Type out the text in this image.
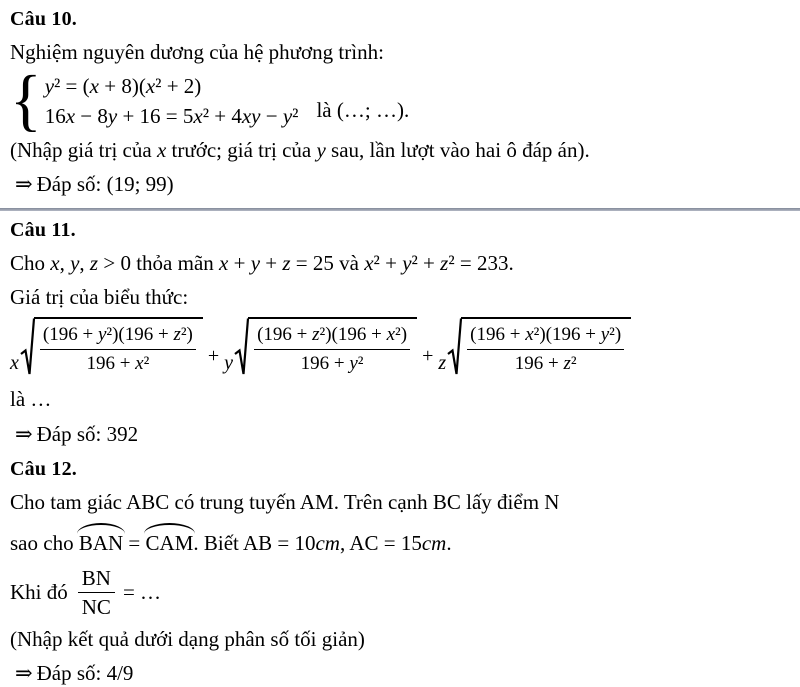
Câu 10.
Nghiệm nguyên dương của hệ phương trình:
{ y² = (x + 8)(x² + 2)
16x − 8y + 16 = 5x² + 4xy − y² là (…; …).
(Nhập giá trị của x trước; giá trị của y sau, lần lượt vào hai ô đáp án).
⇒ Đáp số: (19; 99)
Câu 11.
Cho x, y, z > 0 thỏa mãn x + y + z = 25 và x² + y² + z² = 233.
Giá trị của biểu thức:
x $\frac{\text{(196 + y²)(196 + z²)}}{\text{196 + x²}} + y \frac{\text{(196 + z²)(196 + x²)}}{\text{196 + y²}} + z \frac{\text{(196 + x²)(196 + y²)}}{\text{196 + z²}}$
là …
⇒ Đáp số: 392
Câu 12.
Cho tam giác ABC có trung tuyến AM. Trên cạnh BC lấy điểm N
sao cho BAN = CAM. Biết AB = 10cm, AC = 15cm.
Khi đó $\frac{BN}{NC}$ = …
(Nhập kết quả dưới dạng phân số tối giản)
⇒ Đáp số: 4/9
